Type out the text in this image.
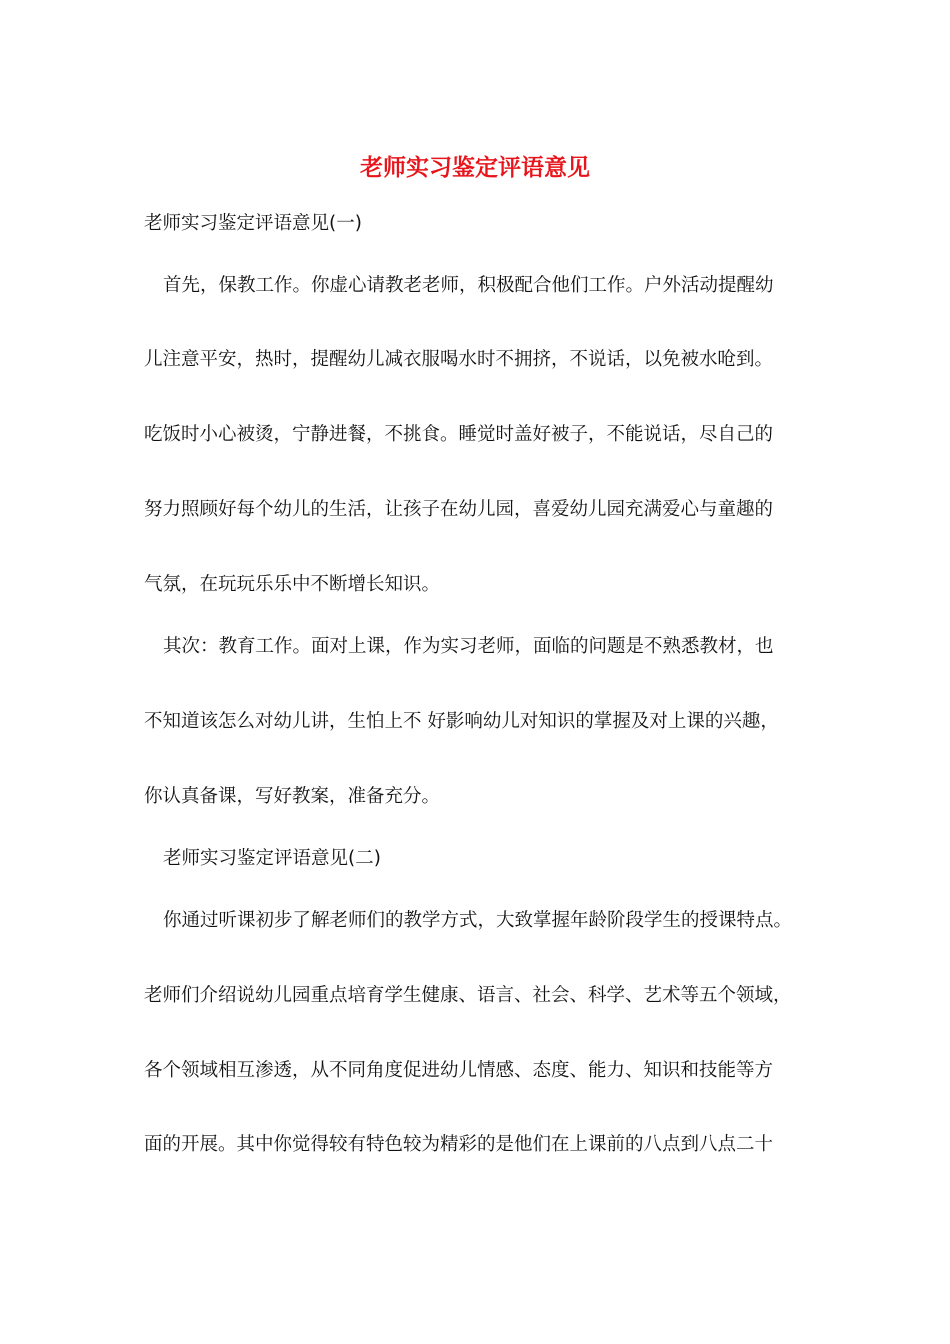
老师实习鉴定评语意见
老师实习鉴定评语意见(一)
首先，保教工作。你虚心请教老老师，积极配合他们工作。户外活动提醒幼
儿注意平安，热时，提醒幼儿减衣服喝水时不拥挤，不说话，以免被水呛到。
吃饭时小心被烫，宁静进餐，不挑食。睡觉时盖好被子，不能说话，尽自己的
努力照顾好每个幼儿的生活，让孩子在幼儿园，喜爱幼儿园充满爱心与童趣的
气氛，在玩玩乐乐中不断增长知识。
其次：教育工作。面对上课，作为实习老师，面临的问题是不熟悉教材，也
不知道该怎么对幼儿讲，生怕上不 好影响幼儿对知识的掌握及对上课的兴趣，
你认真备课，写好教案，准备充分。
老师实习鉴定评语意见(二)
你通过听课初步了解老师们的教学方式，大致掌握年龄阶段学生的授课特点。
老师们介绍说幼儿园重点培育学生健康、语言、社会、科学、艺术等五个领域，
各个领域相互渗透，从不同角度促进幼儿情感、态度、能力、知识和技能等方
面的开展。其中你觉得较有特色较为精彩的是他们在上课前的八点到八点二十
